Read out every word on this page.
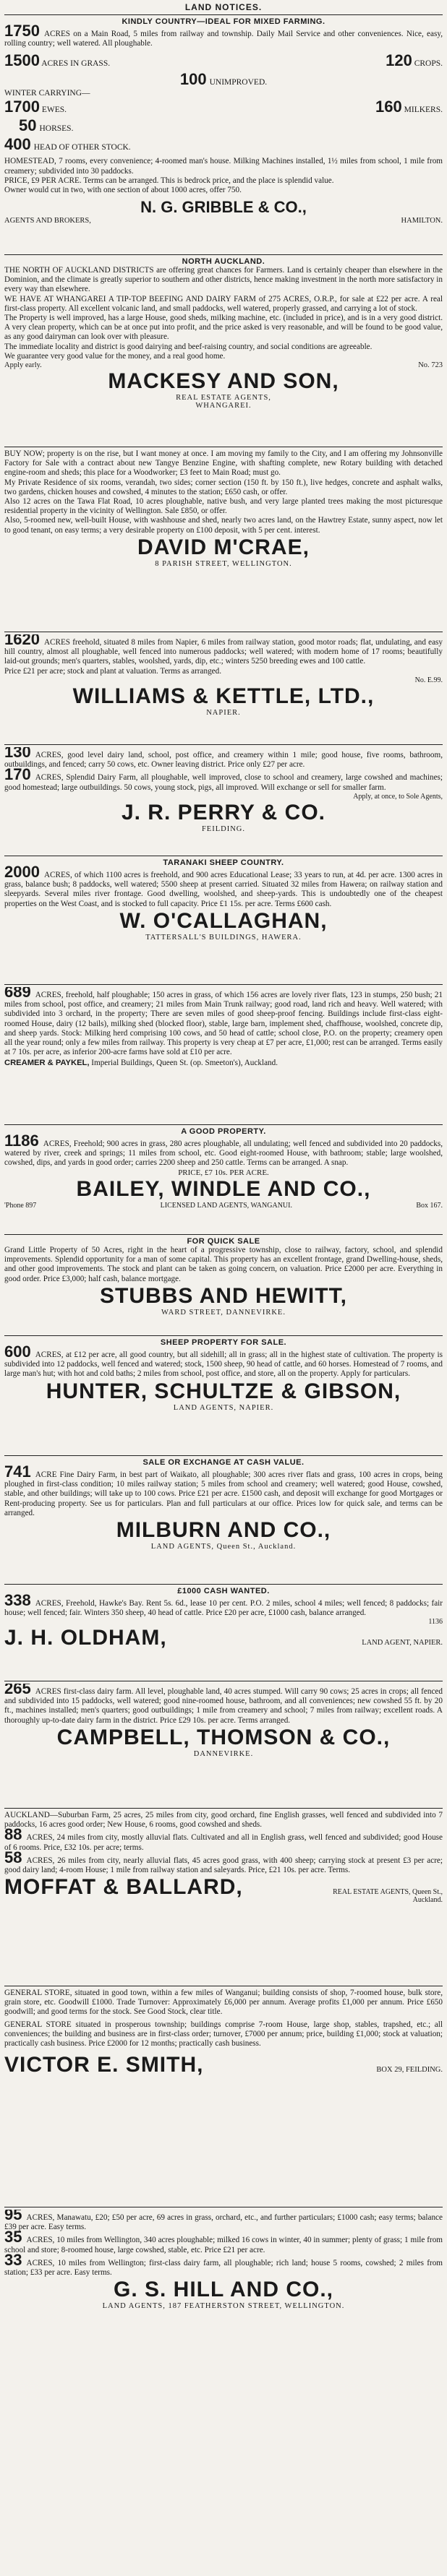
LAND NOTICES.
KINDLY COUNTRY—IDEAL FOR MIXED FARMING.

1750 ACRES on a Main Road, 5 miles from railway and township. Daily Mail Service and other conveniences. Nice, easy, rolling country; well watered. All ploughable.

1500 ACRES IN GRASS.	120 CROPS.
100 UNIMPROVED.
WINTER CARRYING—
1700 EWES.	160 MILKERS.
50 HORSES.
400 HEAD OF OTHER STOCK.

HOMESTEAD, 7 rooms, every convenience; 4-roomed man's house. Milking Machines installed, 1½ miles from school, 1 mile from creamery; subdivided into 30 paddocks.

PRICE, £9 PER ACRE. Terms can be arranged. This is bedrock price, and the place is splendid value.

Owner would cut in two, with one section of about 1000 acres, offer 750.

N. G. GRIBBLE & CO.,
AGENTS AND BROKERS,	HAMILTON.
NORTH AUCKLAND.

THE NORTH OF AUCKLAND DISTRICTS are offering great chances for Farmers. Land is certainly cheaper than elsewhere in the Dominion, and the climate is greatly superior to southern and other districts, hence making investment in the north more satisfactory in every way than elsewhere.

WE HAVE AT WHANGAREI A TIP-TOP BEEFING AND DAIRY FARM of 275 ACRES, O.R.P., for sale at £22 per acre. A real first-class property. All excellent volcanic land, and small paddocks, well watered, properly grassed, and carrying a lot of stock.

The Property is well improved, has a large House, good sheds, milking machine, etc. (included in price), and is in a very good district. A very clean property, which can be at once put into profit, and the price asked is very reasonable, and will be found to be good value, as any good dairyman can look over with pleasure.

The immediate locality and district is good dairying and beef-raising country, and social conditions are agreeable.

We guarantee very good value for the money, and a real good home.

Apply early.	No. 723
MACKESY AND SON,
REAL ESTATE AGENTS,
WHANGAREI.

BUY NOW; property is on the rise, but I want money at once. I am moving my family to the City, and I am offering my Johnsonville Factory for Sale with a contract about new Tangye Benzine Engine, with shafting complete, new Rotary building with detached engine-room and sheds; this place for a Woodworker; £3 feet to Main Road; must go.

My Private Residence of six rooms, verandah, two sides; corner section (150 ft. by 150 ft.), live hedges, concrete and asphalt walks, two gardens, chicken houses and cowshed, 4 minutes to the station; £650 cash, or offer.

Also 12 acres on the Tawa Flat Road, 10 acres ploughable, native bush, and very large planted trees making the most picturesque residential property in the vicinity of Wellington. Sale £850, or offer.

Also, 5-roomed new, well-built House, with washhouse and shed, nearly two acres land, on the Hawtrey Estate, sunny aspect, now let to good tenant, on easy terms; a very desirable property on £100 deposit, with 5 per cent. interest.

DAVID M'CRAE,
8 PARISH STREET, WELLINGTON.

1620 ACRES freehold, situated 8 miles from Napier, 6 miles from railway station, good motor roads; flat, undulating, and easy hill country, almost all ploughable, well fenced into numerous paddocks; well watered; with modern home of 17 rooms; beautifully laid-out grounds; men's quarters, stables, woolshed, yards, dip, etc.; winters 5250 breeding ewes and 100 cattle.

Price £21 per acre; stock and plant at valuation. Terms as arranged.

No. E.99.
WILLIAMS & KETTLE, LTD.,
NAPIER.

130 ACRES, good level dairy land, school, post office, and creamery within 1 mile; good house, five rooms, bathroom, outbuildings, and fenced; carry 50 cows, etc. Owner leaving district. Price only £27 per acre.

170 ACRES, Splendid Dairy Farm, all ploughable, well improved, close to school and creamery, large cowshed and machines; good homestead; large outbuildings. 50 cows, young stock, pigs, all improved. Will exchange or sell for smaller farm.

Apply, at once, to Sole Agents,
J. R. PERRY & CO.
FEILDING.
TARANAKI SHEEP COUNTRY.

2000 ACRES, of which 1100 acres is freehold, and 900 acres Educational Lease; 33 years to run, at 4d. per acre. 1300 acres in grass, balance bush; 8 paddocks, well watered; 5500 sheep at present carried. Situated 32 miles from Hawera; on railway station and sleepyards. Several miles river frontage. Good dwelling, woolshed, and sheep-yards. This is undoubtedly one of the cheapest properties on the West Coast, and is stocked to full capacity. Price £1 15s. per acre. Terms £600 cash.

W. O'CALLAGHAN,
TATTERSALL'S BUILDINGS, HAWERA.

689 ACRES, freehold, half ploughable; 150 acres in grass, of which 156 acres are lovely river flats, 123 in stumps, 250 bush; 21 miles from school, post office, and creamery; 21 miles from Main Trunk railway; good road, land rich and heavy. Well watered; with subdivided into 3 orchard, in the property; There are seven miles of good sheep-proof fencing. Buildings include first-class eight-roomed House, dairy (12 bails), milking shed (blocked floor), stable, large barn, implement shed, chaffhouse, woolshed, concrete dip, and sheep yards. Stock: Milking herd comprising 100 cows, and 50 head of cattle; school close, P.O. on the property; creamery open all the year round; only a few miles from railway. This property is very cheap at £7 per acre, £1,000; rest can be arranged. Terms easily at 7 10s. per acre, as inferior 200-acre farms have sold at £10 per acre.

CREAMER & PAYKEL, Imperial Buildings, Queen St. (op. Smeeton's), Auckland.

A GOOD PROPERTY.

1186 ACRES, Freehold; 900 acres in grass, 280 acres ploughable, all undulating; well fenced and subdivided into 20 paddocks, watered by river, creek and springs; 11 miles from school, etc. Good eight-roomed House, with bathroom; stable; large woolshed, cowshed, dips, and yards in good order; carries 2200 sheep and 250 cattle. Terms can be arranged. A snap.

PRICE, £7 10s. PER ACRE.
BAILEY, WINDLE AND CO.,
'Phone 897	LICENSED LAND AGENTS, WANGANUI.	Box 167.
FOR QUICK SALE

Grand Little Property of 50 Acres, right in the heart of a progressive township, close to railway, factory, school, and splendid improvements. Splendid opportunity for a man of some capital. This property has an excellent frontage, grand Dwelling-house, sheds, and other good improvements. The stock and plant can be taken as going concern, on valuation. Price £2000 per acre. Everything in good order. Price £3,000; half cash, balance mortgage.

STUBBS AND HEWITT,
WARD STREET, DANNEVIRKE.
SHEEP PROPERTY FOR SALE.

600 ACRES, at £12 per acre, all good country, but all sidehill; all in grass; all in the highest state of cultivation. The property is subdivided into 12 paddocks, well fenced and watered; stock, 1500 sheep, 90 head of cattle, and 60 horses. Homestead of 7 rooms, and large man's hut; with hot and cold baths; 2 miles from school, post office, and store, all on the property. Apply for particulars.

HUNTER, SCHULTZE & GIBSON,
LAND AGENTS, NAPIER.
SALE OR EXCHANGE AT CASH VALUE.

741 ACRE Fine Dairy Farm, in best part of Waikato, all ploughable; 300 acres river flats and grass, 100 acres in crops, being ploughed in first-class condition; 10 miles railway station; 5 miles from school and creamery; well watered; good House, cowshed, stable, and other buildings; will take up to 100 cows. Price £21 per acre. £1500 cash, and deposit will exchange for good Mortgages or Rent-producing property. See us for particulars. Plan and full particulars at our office. Prices low for quick sale, and terms can be arranged.

MILBURN AND CO.,
LAND AGENTS, Queen St., Auckland.
£1000 CASH WANTED.

338 ACRES, Freehold, Hawke's Bay. Rent 5s. 6d., lease 10 per cent. P.O. 2 miles, school 4 miles; well fenced; 8 paddocks; fair house; well fenced; fair. Winters 350 sheep, 40 head of cattle. Price £20 per acre, £1000 cash, balance arranged.

1136
J. H. OLDHAM,	LAND AGENT, NAPIER.

265 ACRES first-class dairy farm. All level, ploughable land, 40 acres stumped. Will carry 90 cows; 25 acres in crops; all fenced and subdivided into 15 paddocks, well watered; good nine-roomed house, bathroom, and all conveniences; new cowshed 55 ft. by 20 ft., machines installed; men's quarters; good outbuildings; 1 mile from creamery and school; 7 miles from railway; excellent roads. A thoroughly up-to-date dairy farm in the district. Price £29 10s. per acre. Terms arranged.

CAMPBELL, THOMSON & CO.,
DANNEVIRKE.

AUCKLAND—Suburban Farm, 25 acres, 25 miles from city, good orchard, fine English grasses, well fenced and subdivided into 7 paddocks, 16 acres good order; New House, 6 rooms, good cowshed and sheds.

88 ACRES, 24 miles from city, mostly alluvial flats. Cultivated and all in English grass, well fenced and subdivided; good House of 6 rooms. Price, £32 10s. per acre; terms.

58 ACRES, 26 miles from city, nearly alluvial flats, 45 acres good grass, with 400 sheep; carrying stock at present £3 per acre; good dairy land; 4-room House; 1 mile from railway station and saleyards. Price, £21 10s. per acre. Terms.

MOFFAT & BALLARD,	REAL ESTATE AGENTS, Queen St., Auckland.

GENERAL STORE, situated in good town, within a few miles of Wanganui; building consists of shop, 7-roomed house, bulk store, grain store, etc. Goodwill £1000. Trade Turnover: Approximately £6,000 per annum. Average profits £1,000 per annum. Price £650 goodwill; and good terms for the stock. See Good Stock, clear title.

GENERAL STORE situated in prosperous township; buildings comprise 7-room House, large shop, stables, trapshed, etc.; all conveniences; the building and business are in first-class order; turnover, £7000 per annum; price, building £1,000; stock at valuation; practically cash business. Price £2000 for 12 months; practically cash business.

VICTOR E. SMITH,	BOX 29, FEILDING.

95 ACRES, Manawatu, £20; £50 per acre, 69 acres in grass, orchard, etc., and further particulars; £1000 cash; easy terms; balance £39 per acre. Easy terms.

35 ACRES, 10 miles from Wellington, 340 acres ploughable; milked 16 cows in winter, 40 in summer; plenty of grass; 1 mile from school and store; 8-roomed house, large cowshed, stable, etc. Price £21 per acre.

33 ACRES, 10 miles from Wellington; first-class dairy farm, all ploughable; rich land; house 5 rooms, cowshed; 2 miles from station; £33 per acre. Easy terms.

G. S. HILL AND CO.,
LAND AGENTS, 187 FEATHERSTON STREET, WELLINGTON.
